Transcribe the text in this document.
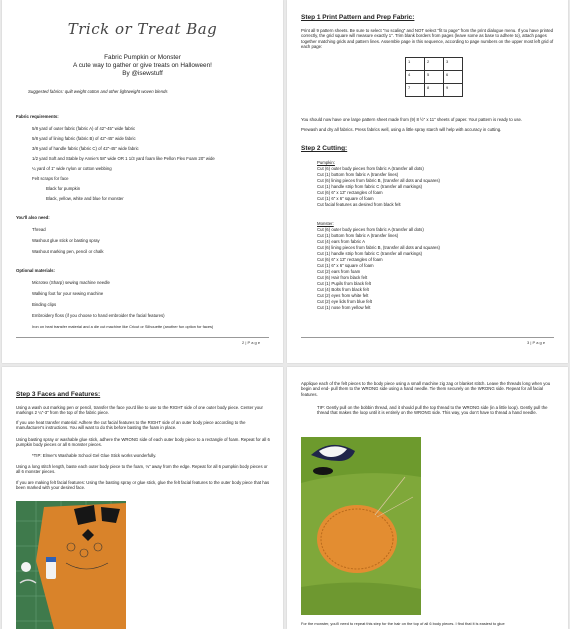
Trick or Treat Bag
Fabric Pumpkin or Monster
A cute way to gather or give treats on Halloween!
By @isewstuff
Suggested fabrics: quilt weight cotton and other lightweight woven blends
Fabric requirements:
5/8 yard of outer fabric (fabric A) of 42"-45" wide fabric
5/8 yard of lining fabric (fabric B) of 42"-45" wide fabric
3/8 yard of handle fabric (fabric C) of 42"-45" wide fabric
1/2 yard Soft and Stable by Annie's 58" wide OR 1 1/3 yard foam like Pellon Flex Foam 20" wide
¼ yard of 1" wide nylon or cotton webbing
Felt scraps for face
Black for pumpkin
Black, yellow, white and blue for monster
You'll also need:
Thread
Washout glue stick or basting spray
Washout marking pen, pencil or chalk
Optional materials:
Microtex (Sharp) sewing machine needle
Walking foot for your sewing machine
Binding clips
Embroidery floss (if you choose to hand embroider the facial features)
Iron on heat transfer material and a die cut machine like Cricut or Silhouette (another fun option for faces)
2 | P a g e
Step 1 Print Pattern and Prep Fabric:
Print all 9 pattern sheets. Be sure to select "no scaling" and NOT select "fit to page" from the print dialogue menu. If you have printed correctly, the grid square will measure exactly 1". Trim blank borders from pages (leave some as base to adhere to), attach pages together matching grids and pattern lines. Assemble page in this sequence, according to page numbers on the upper most left grid of each page:
1	2	3
4	5	6
7	8	9
You should now have one large pattern sheet made from (9) 8 ½" x 11" sheets of paper. Your pattern is ready to use.
Prewash and dry all fabrics. Press fabrics well, using a little spray starch will help with accuracy in cutting.
Step 2 Cutting:
Pumpkin:
Cut (6) outer body pieces from fabric A (transfer all dots)
Cut (1) bottom from fabric A (transfer lines)
Cut (6) lining pieces from fabric B, (transfer all dots and squares)
Cut (1) handle strip from fabric C (transfer all markings)
Cut (6) 6" x 13" rectangles of foam
Cut (1) 6" x 6" square of foam
Cut facial features as desired from black felt
Monster:
Cut (6) outer body pieces from fabric A (transfer all dots)
Cut (1) bottom from fabric A (transfer lines)
Cut (4) ears from fabric A
Cut (6) lining pieces from fabric B, (transfer all dots and squares)
Cut (1) handle strip from fabric C (transfer all markings)
Cut (6) 6" x 13" rectangles of foam
Cut (1) 6" x 6" square of foam
Cut (2) ears from foam
Cut (6) Hair from black felt
Cut (1) Pupils from black felt
Cut (4) Bolts from black felt
Cut (2) eyes from white felt
Cut (2) eye lids from blue felt
Cut (1) nose from yellow felt
3 | P a g e
Step 3 Faces and Features:
Using a wash out marking pen or pencil, transfer the face you'd like to use to the RIGHT side of one outer body piece. Center your markings 2 ¼"-3" from the top of the fabric piece.
If you use heat transfer material: Adhere the cut facial features to the RIGHT side of an outer body piece according to the manufacturer's instructions. You will want to do this before basting the foam in place.
Using basting spray or washable glue stick, adhere the WRONG side of each outer body piece to a rectangle of foam. Repeat for all 6 pumpkin body pieces or all 6 monster pieces.
*TIP: Elmer's Washable School Gel Glue Stick works wonderfully.
Using a long stitch length, baste each outer body piece to the foam, ⅛" away from the edge. Repeat for all 6 pumpkin body pieces or all 6 monster pieces.
If you are making felt facial features: Using the basting spray or glue stick, glue the felt facial features to the outer body piece that has been marked with your desired face.
Applique each of the felt pieces to the body piece using a small machine zig zag or blanket stitch. Leave the threads long when you begin and end- pull them to the WRONG side using a hand needle. Tie them securely on the WRONG side. Repeat for all facial features.
TIP: Gently pull on the bobbin thread, and it should pull the top thread to the WRONG side (in a little loop). Gently pull the thread that makes the loop until it is entirely on the WRONG side. This way, you don't have to thread a hand needle.
For the monster, you'll need to repeat this step for the hair on the top of all 6 body pieces. I find that it is easiest to glue
